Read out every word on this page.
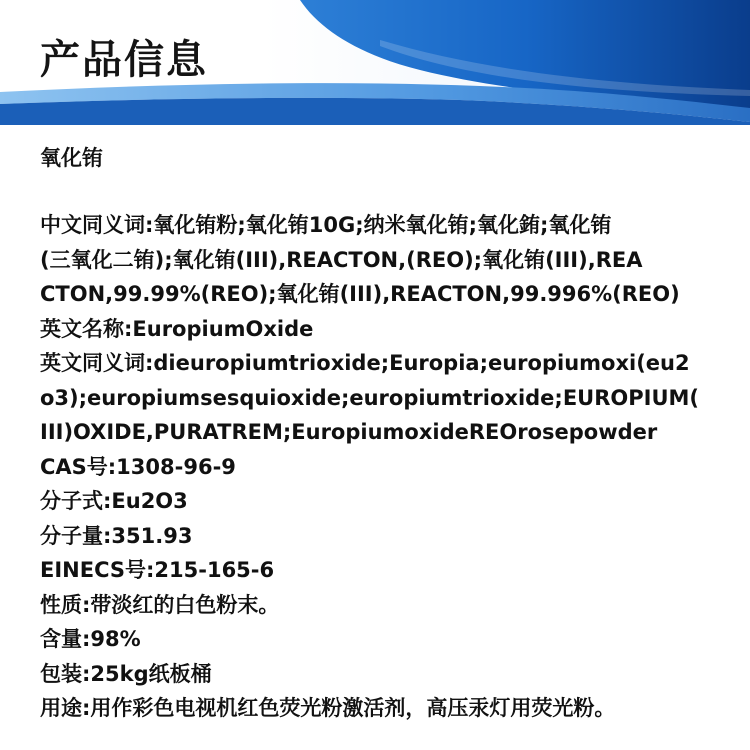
产品信息
氧化铕
中文同义词:氧化铕粉;氧化铕10G;纳米氧化铕;氧化銪;氧化铕
(三氧化二铕);氧化铕(III),REACTON,(REO);氧化铕(III),REA
CTON,99.99%(REO);氧化铕(III),REACTON,99.996%(REO)
英文名称:EuropiumOxide
英文同义词:dieuropiumtrioxide;Europia;europiumoxi(eu2
o3);europiumsesquioxide;europiumtrioxide;EUROPIUM(
III)OXIDE,PURATREM;EuropiumoxideREOrosepowder
CAS号:1308-96-9
分子式:Eu2O3
分子量:351.93
EINECS号:215-165-6
性质:带淡红的白色粉末。
含量:98%
包装:25kg纸板桶
用途:用作彩色电视机红色荧光粉激活剂，高压汞灯用荧光粉。
